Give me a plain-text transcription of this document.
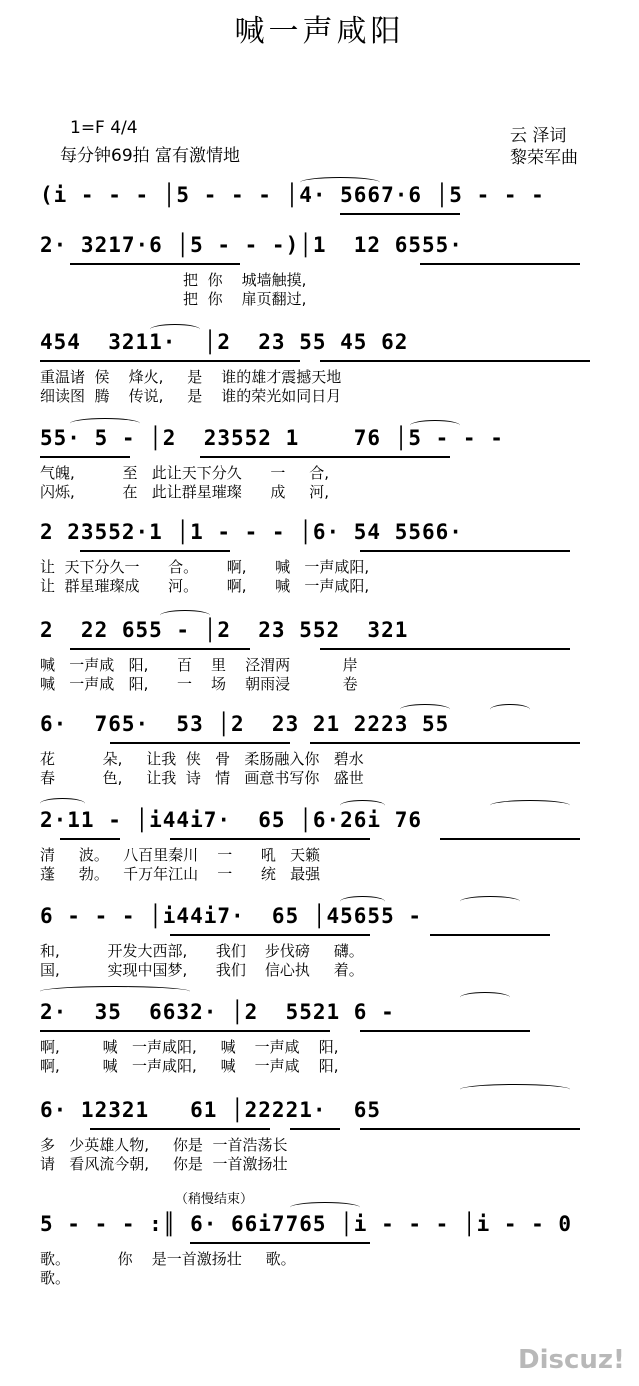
喊一声咸阳
1=F 4/4
每分钟69拍 富有激情地
云 泽词
黎荣军曲
(i - - - │5 - - - │4· 5667·6 │5 - - -
2· 3217·6 │5 - - -)│1  12 6555·
把  你    城墙触摸,
把  你    扉页翻过,
454  3211·  │2  23 55 45 62
重温诸  侯    烽火,     是    谁的雄才震撼天地
细读图  腾    传说,     是    谁的荣光如同日月
55· 5 - │2  23552 1    76 │5 - - -
气魄,          至   此让天下分久      一     合,
闪烁,          在   此让群星璀璨      成     河,
2 23552·1 │1 - - - │6· 54 5566·
让  天下分久一      合。      啊,      喊   一声咸阳,
让  群星璀璨成      河。      啊,      喊   一声咸阳,
2  22 655 - │2  23 552  321
喊   一声咸   阳,      百    里    泾渭两           岸
喊   一声咸   阳,      一    场    朝雨浸           卷
6·  765·  53 │2  23 21 2223 55
花          朵,     让我  侠   骨   柔肠融入你   碧水
春          色,     让我  诗   情   画意书写你   盛世
2·11 - │i44i7·  65 │6·26i 76
清     波。   八百里秦川    一      吼   天籁
蓬     勃。   千万年江山    一      统   最强
6 - - - │i44i7·  65 │45655 -
和,          开发大西部,      我们    步伐磅     礴。
国,          实现中国梦,      我们    信心执     着。
2·  35  6632· │2  5521 6 -
啊,         喊   一声咸阳,     喊    一声咸    阳,
啊,         喊   一声咸阳,     喊    一声咸    阳,
6· 12321   61 │22221·  65
多   少英雄人物,     你是  一首浩荡长
请   看风流今朝,     你是  一首激扬壮
（稍慢结束）
5 - - - :║ 6· 66i7765 │i - - - │i - - 0
歌。          你    是一首激扬壮     歌。
歌。
Discuz!
